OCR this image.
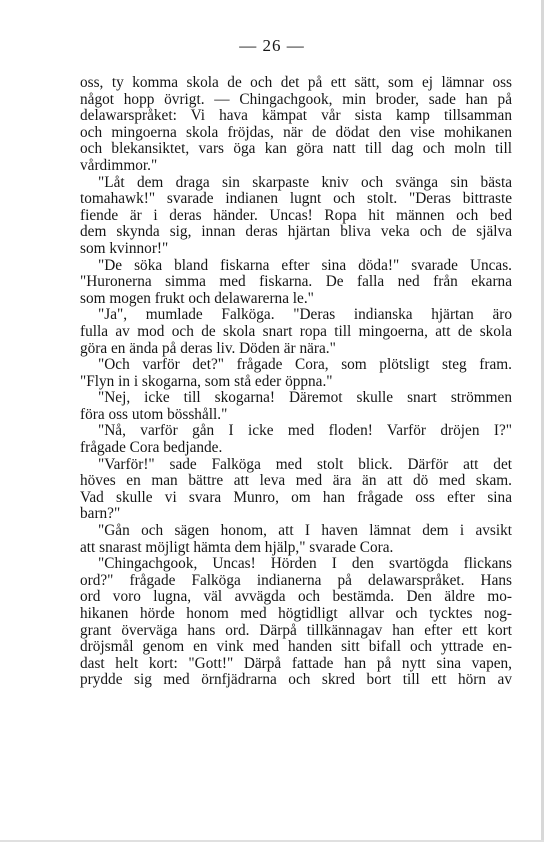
— 26 —
oss, ty komma skola de och det på ett sätt, som ej lämnar oss
något hopp övrigt. — Chingachgook, min broder, sade han på
delawarspråket: Vi hava kämpat vår sista kamp tillsamman
och mingoerna skola fröjdas, när de dödat den vise mohikanen
och blekansiktet, vars öga kan göra natt till dag och moln till
vårdimmor."
"Låt dem draga sin skarpaste kniv och svänga sin bästa
tomahawk!" svarade indianen lugnt och stolt. "Deras bittraste
fiende är i deras händer. Uncas! Ropa hit männen och bed
dem skynda sig, innan deras hjärtan bliva veka och de själva
som kvinnor!"
"De söka bland fiskarna efter sina döda!" svarade Uncas.
"Huronerna simma med fiskarna. De falla ned från ekarna
som mogen frukt och delawarerna le."
"Ja", mumlade Falköga. "Deras indianska hjärtan äro
fulla av mod och de skola snart ropa till mingoerna, att de skola
göra en ända på deras liv. Döden är nära."
"Och varför det?" frågade Cora, som plötsligt steg fram.
"Flyn in i skogarna, som stå eder öppna."
"Nej, icke till skogarna! Däremot skulle snart strömmen
föra oss utom bösshåll."
"Nå, varför gån I icke med floden! Varför dröjen I?"
frågade Cora bedjande.
"Varför!" sade Falköga med stolt blick. Därför att det
höves en man bättre att leva med ära än att dö med skam.
Vad skulle vi svara Munro, om han frågade oss efter sina
barn?"
"Gån och sägen honom, att I haven lämnat dem i avsikt
att snarast möjligt hämta dem hjälp," svarade Cora.
"Chingachgook, Uncas! Hörden I den svartögda flickans
ord?" frågade Falköga indianerna på delawarspråket. Hans
ord voro lugna, väl avvägda och bestämda. Den äldre mo-
hikanen hörde honom med högtidligt allvar och tycktes nog-
grant överväga hans ord. Därpå tillkännagav han efter ett kort
dröjsmål genom en vink med handen sitt bifall och yttrade en-
dast helt kort: "Gott!" Därpå fattade han på nytt sina vapen,
prydde sig med örnfjädrarna och skred bort till ett hörn av
